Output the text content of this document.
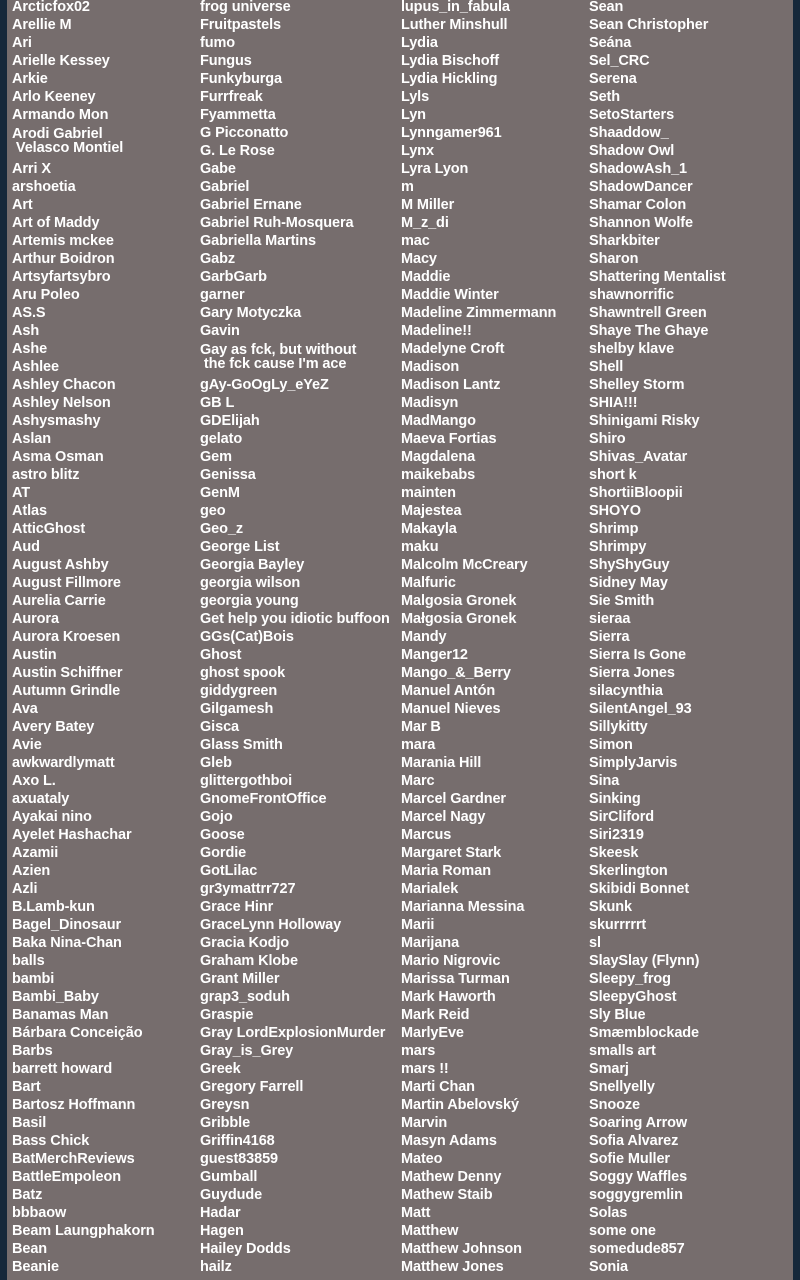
Arcticfox02
Arellie M
Ari
Arielle Kessey
Arkie
Arlo Keeney
Armando Mon
Arodi Gabriel
Velasco Montiel
Arri X
arshoetia
Art
Art of Maddy
Artemis mckee
Arthur Boidron
Artsyfartsybro
Aru Poleo
AS.S
Ash
Ashe
Ashlee
Ashley Chacon
Ashley Nelson
Ashysmashy
Aslan
Asma Osman
astro blitz
AT
Atlas
AtticGhost
Aud
August Ashby
August Fillmore
Aurelia Carrie
Aurora
Aurora Kroesen
Austin
Austin Schiffner
Autumn Grindle
Ava
Avery Batey
Avie
awkwardlymatt
Axo L.
axuataly
Ayakai nino
Ayelet Hashachar
Azamii
Azien
Azli
B.Lamb-kun
Bagel_Dinosaur
Baka Nina-Chan
balls
bambi
Bambi_Baby
Banamas Man
Bárbara Conceição
Barbs
barrett howard
Bart
Bartosz Hoffmann
Basil
Bass Chick
BatMerchReviews
BattleEmpoleon
Batz
bbbaow
Beam Laungphakorn
Bean
Beanie
frog universe
Fruitpastels
fumo
Fungus
Funkyburga
Furrfreak
Fyammetta
G Picconatto
G. Le Rose
Gabe
Gabriel
Gabriel Ernane
Gabriel Ruh-Mosquera
Gabriella Martins
Gabz
GarbGarb
garner
Gary Motyczka
Gavin
Gay as fck, but without
the fck cause I'm ace
gAy-GoOgLy_eYeZ
GB L
GDElijah
gelato
Gem
Genissa
GenM
geo
Geo_z
George List
Georgia Bayley
georgia wilson
georgia young
Get help you idiotic buffoon
GGs(Cat)Bois
Ghost
ghost spook
giddygreen
Gilgamesh
Gisca
Glass Smith
Gleb
glittergothboi
GnomeFrontOffice
Gojo
Goose
Gordie
GotLilac
gr3ymattrr727
Grace Hinr
GraceLynn Holloway
Gracia Kodjo
Graham Klobe
Grant Miller
grap3_soduh
Graspie
Gray LordExplosionMurder
Gray_is_Grey
Greek
Gregory Farrell
Greysn
Gribble
Griffin4168
guest83859
Gumball
Guydude
Hadar
Hagen
Hailey Dodds
hailz
lupus_in_fabula
Luther Minshull
Lydia
Lydia Bischoff
Lydia Hickling
Lyls
Lyn
Lynngamer961
Lynx
Lyra Lyon
m
M Miller
M_z_di
mac
Macy
Maddie
Maddie Winter
Madeline Zimmermann
Madeline!!
Madelyne Croft
Madison
Madison Lantz
Madisyn
MadMango
Maeva Fortias
Magdalena
maikebabs
mainten
Majestea
Makayla
maku
Malcolm McCreary
Malfuric
Malgosia Gronek
Małgosia Gronek
Mandy
Manger12
Mango_&_Berry
Manuel Antón
Manuel Nieves
Mar B
mara
Marania Hill
Marc
Marcel Gardner
Marcel Nagy
Marcus
Margaret Stark
Maria Roman
Marialek
Marianna Messina
Marii
Marijana
Mario Nigrovic
Marissa Turman
Mark Haworth
Mark Reid
MarlyEve
mars
mars !!
Marti Chan
Martin Abelovský
Marvin
Masyn Adams
Mateo
Mathew Denny
Mathew Staib
Matt
Matthew
Matthew Johnson
Matthew Jones
Sean
Sean Christopher
Seána
Sel_CRC
Serena
Seth
SetoStarters
Shaaddow_
Shadow Owl
ShadowAsh_1
ShadowDancer
Shamar Colon
Shannon Wolfe
Sharkbiter
Sharon
Shattering Mentalist
shawnorrific
Shawntrell Green
Shaye The Ghaye
shelby klave
Shell
Shelley Storm
SHIA!!!
Shinigami Risky
Shiro
Shivas_Avatar
short k
ShortiiBloopii
SHOYO
Shrimp
Shrimpy
ShyShyGuy
Sidney May
Sie Smith
sieraa
Sierra
Sierra Is Gone
Sierra Jones
silacynthia
SilentAngel_93
Sillykitty
Simon
SimplyJarvis
Sina
Sinking
SirCliford
Siri2319
Skeesk
Skerlington
Skibidi Bonnet
Skunk
skurrrrrt
sl
SlaySlay (Flynn)
Sleepy_frog
SleepyGhost
Sly Blue
Smæmblockade
smalls art
Smarj
Snellyelly
Snooze
Soaring Arrow
Sofia Alvarez
Sofie Muller
Soggy Waffles
soggygremlin
Solas
some one
somedude857
Sonia
